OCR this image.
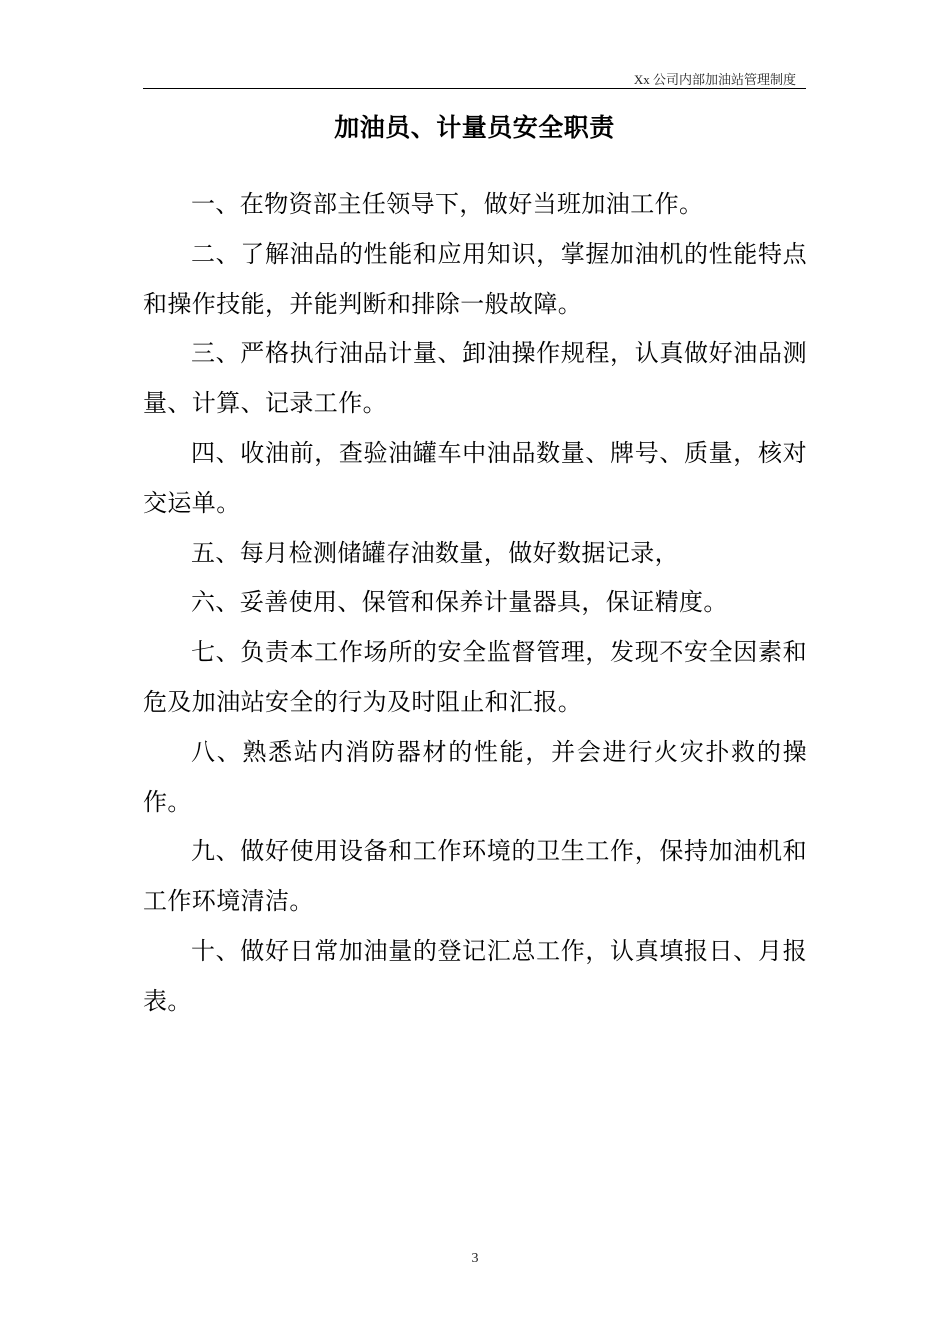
Xx 公司内部加油站管理制度
加油员、计量员安全职责

一、在物资部主任领导下，做好当班加油工作。

二、了解油品的性能和应用知识，掌握加油机的性能特点和操作技能，并能判断和排除一般故障。

三、严格执行油品计量、卸油操作规程，认真做好油品测量、计算、记录工作。

四、收油前，查验油罐车中油品数量、牌号、质量，核对交运单。

五、每月检测储罐存油数量，做好数据记录，

六、妥善使用、保管和保养计量器具，保证精度。

七、负责本工作场所的安全监督管理，发现不安全因素和危及加油站安全的行为及时阻止和汇报。

八、熟悉站内消防器材的性能，并会进行火灾扑救的操作。

九、做好使用设备和工作环境的卫生工作，保持加油机和工作环境清洁。

十、做好日常加油量的登记汇总工作，认真填报日、月报表。

3
